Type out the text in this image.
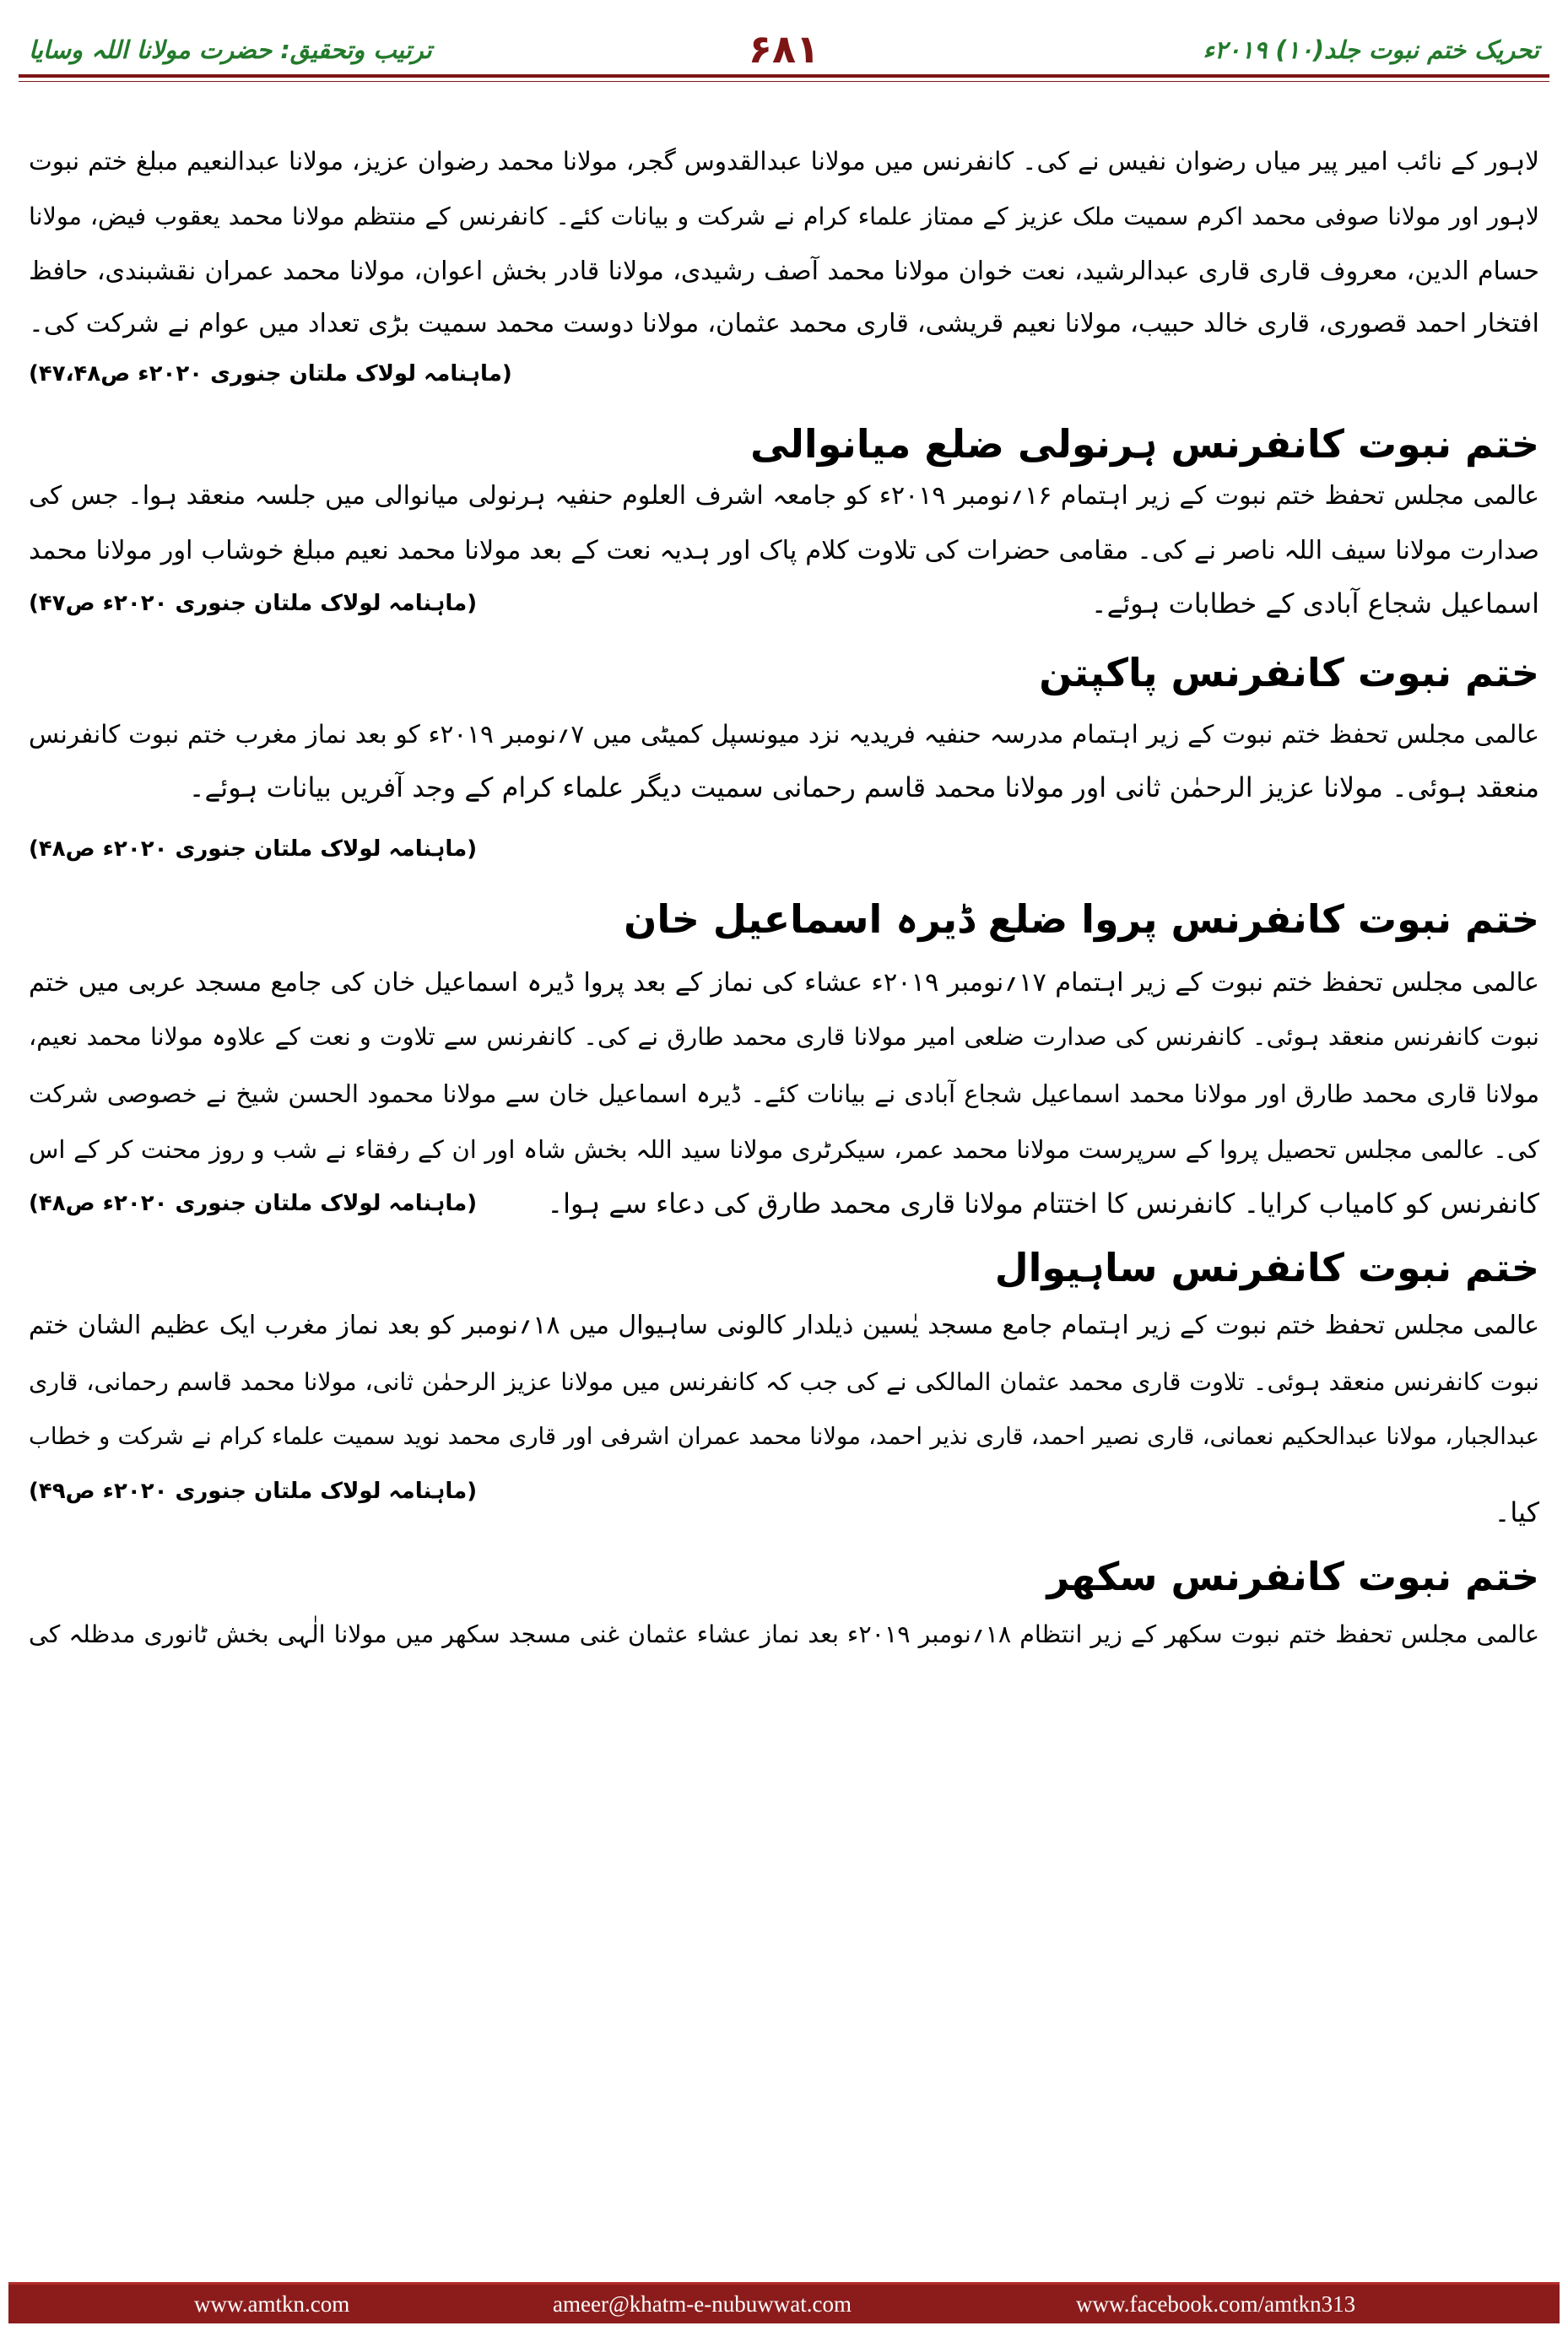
ترتیب وتحقیق: حضرت مولانا اللہ وسایا	۶۸۱	تحریک ختم نبوت جلد(۱۰) ۲۰۱۹ء
لاہور کے نائب امیر پیر میاں رضوان نفیس نے کی۔ کانفرنس میں مولانا عبدالقدوس گجر، مولانا محمد رضوان عزیز، مولانا عبدالنعیم مبلغ ختم نبوت
لاہور اور مولانا صوفی محمد اکرم سمیت ملک عزیز کے ممتاز علماء کرام نے شرکت و بیانات کئے۔ کانفرنس کے منتظم مولانا محمد یعقوب فیض، مولانا
حسام الدین، معروف قاری قاری عبدالرشید، نعت خوان مولانا محمد آصف رشیدی، مولانا قادر بخش اعوان، مولانا محمد عمران نقشبندی، حافظ
افتخار احمد قصوری، قاری خالد حبیب، مولانا نعیم قریشی، قاری محمد عثمان، مولانا دوست محمد سمیت بڑی تعداد میں عوام نے شرکت کی۔
(ماہنامہ لولاک ملتان جنوری ۲۰۲۰ء ص۴۷،۴۸)
ختم نبوت کانفرنس ہرنولی ضلع میانوالی
عالمی مجلس تحفظ ختم نبوت کے زیر اہتمام ۱۶؍نومبر ۲۰۱۹ء کو جامعہ اشرف العلوم حنفیہ ہرنولی میانوالی میں جلسہ منعقد ہوا۔ جس کی
صدارت مولانا سیف اللہ ناصر نے کی۔ مقامی حضرات کی تلاوت کلام پاک اور ہدیہ نعت کے بعد مولانا محمد نعیم مبلغ خوشاب اور مولانا محمد
اسماعیل شجاع آبادی کے خطابات ہوئے۔
(ماہنامہ لولاک ملتان جنوری ۲۰۲۰ء ص۴۷)
ختم نبوت کانفرنس پاکپتن
عالمی مجلس تحفظ ختم نبوت کے زیر اہتمام مدرسہ حنفیہ فریدیہ نزد میونسپل کمیٹی میں ۷؍نومبر ۲۰۱۹ء کو بعد نماز مغرب ختم نبوت کانفرنس
منعقد ہوئی۔ مولانا عزیز الرحمٰن ثانی اور مولانا محمد قاسم رحمانی سمیت دیگر علماء کرام کے وجد آفریں بیانات ہوئے۔
(ماہنامہ لولاک ملتان جنوری ۲۰۲۰ء ص۴۸)
ختم نبوت کانفرنس پروا ضلع ڈیرہ اسماعیل خان
عالمی مجلس تحفظ ختم نبوت کے زیر اہتمام ۱۷؍نومبر ۲۰۱۹ء عشاء کی نماز کے بعد پروا ڈیرہ اسماعیل خان کی جامع مسجد عربی میں ختم
نبوت کانفرنس منعقد ہوئی۔ کانفرنس کی صدارت ضلعی امیر مولانا قاری محمد طارق نے کی۔ کانفرنس سے تلاوت و نعت کے علاوہ مولانا محمد نعیم،
مولانا قاری محمد طارق اور مولانا محمد اسماعیل شجاع آبادی نے بیانات کئے۔ ڈیرہ اسماعیل خان سے مولانا محمود الحسن شیخ نے خصوصی شرکت
کی۔ عالمی مجلس تحصیل پروا کے سرپرست مولانا محمد عمر، سیکرٹری مولانا سید اللہ بخش شاہ اور ان کے رفقاء نے شب و روز محنت کر کے اس
کانفرنس کو کامیاب کرایا۔ کانفرنس کا اختتام مولانا قاری محمد طارق کی دعاء سے ہوا۔
(ماہنامہ لولاک ملتان جنوری ۲۰۲۰ء ص۴۸)
ختم نبوت کانفرنس ساہیوال
عالمی مجلس تحفظ ختم نبوت کے زیر اہتمام جامع مسجد یٰسین ذیلدار کالونی ساہیوال میں ۱۸؍نومبر کو بعد نماز مغرب ایک عظیم الشان ختم
نبوت کانفرنس منعقد ہوئی۔ تلاوت قاری محمد عثمان المالکی نے کی جب کہ کانفرنس میں مولانا عزیز الرحمٰن ثانی، مولانا محمد قاسم رحمانی، قاری
عبدالجبار، مولانا عبدالحکیم نعمانی، قاری نصیر احمد، قاری نذیر احمد، مولانا محمد عمران اشرفی اور قاری محمد نوید سمیت علماء کرام نے شرکت و خطاب
کیا۔
(ماہنامہ لولاک ملتان جنوری ۲۰۲۰ء ص۴۹)
ختم نبوت کانفرنس سکھر
عالمی مجلس تحفظ ختم نبوت سکھر کے زیر انتظام ۱۸؍نومبر ۲۰۱۹ء بعد نماز عشاء عثمان غنی مسجد سکھر میں مولانا الٰہی بخش ٹانوری مدظلہ کی
www.amtkn.com	ameer@khatm-e-nubuwwat.com	www.facebook.com/amtkn313
